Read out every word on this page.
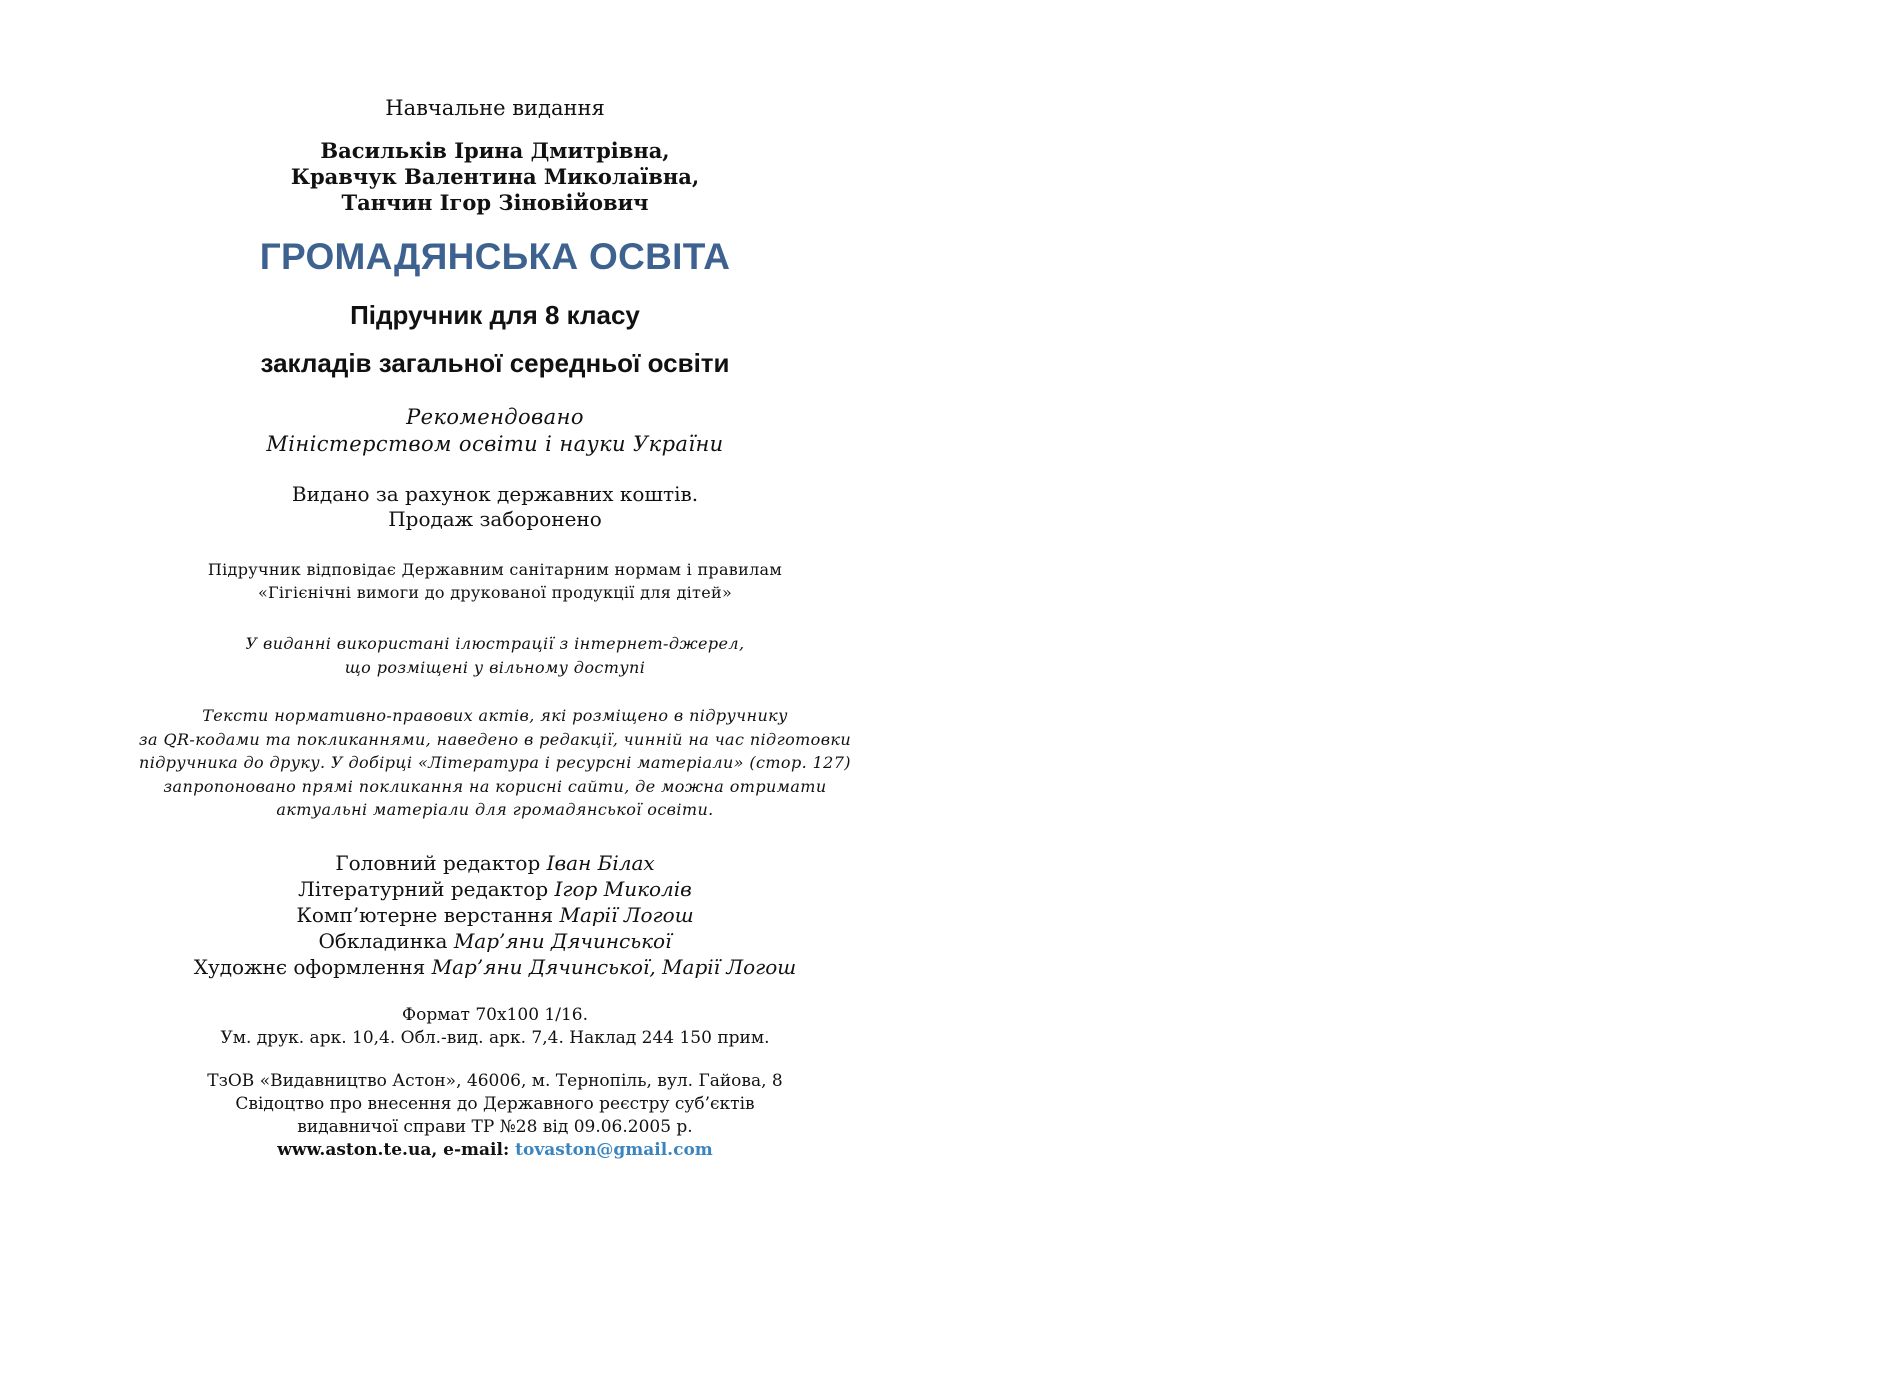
Навчальне видання
Васильків Ірина Дмитрівна,
Кравчук Валентина Миколаївна,
Танчин Ігор Зіновійович
ГРОМАДЯНСЬКА ОСВІТА
Підручник для 8 класу
закладів загальної середньої освіти
Рекомендовано
Міністерством освіти і науки України
Видано за рахунок державних коштів.
Продаж заборонено
Підручник відповідає Державним санітарним нормам і правилам
«Гігієнічні вимоги до друкованої продукції для дітей»
У виданні використані ілюстрації з інтернет-джерел,
що розміщені у вільному доступі
Тексти нормативно-правових актів, які розміщено в підручнику
за QR-кодами та покликаннями, наведено в редакції, чинній на час підготовки
підручника до друку. У добірці «Література і ресурсні матеріали» (стор. 127)
запропоновано прямі покликання на корисні сайти, де можна отримати
актуальні матеріали для громадянської освіти.
Головний редактор Іван Білах
Літературний редактор Ігор Миколів
Комп’ютерне верстання Марії Логош
Обкладинка Мар’яни Дячинської
Художнє оформлення Мар’яни Дячинської, Марії Логош
Формат 70х100 1/16.
Ум. друк. арк. 10,4. Обл.-вид. арк. 7,4. Наклад 244 150 прим.
ТзОВ «Видавництво Астон», 46006, м. Тернопіль, вул. Гайова, 8
Свідоцтво про внесення до Державного реєстру суб’єктів
видавничої справи ТР №28 від 09.06.2005 р.
www.aston.te.ua, e-mail: tovaston@gmail.com
